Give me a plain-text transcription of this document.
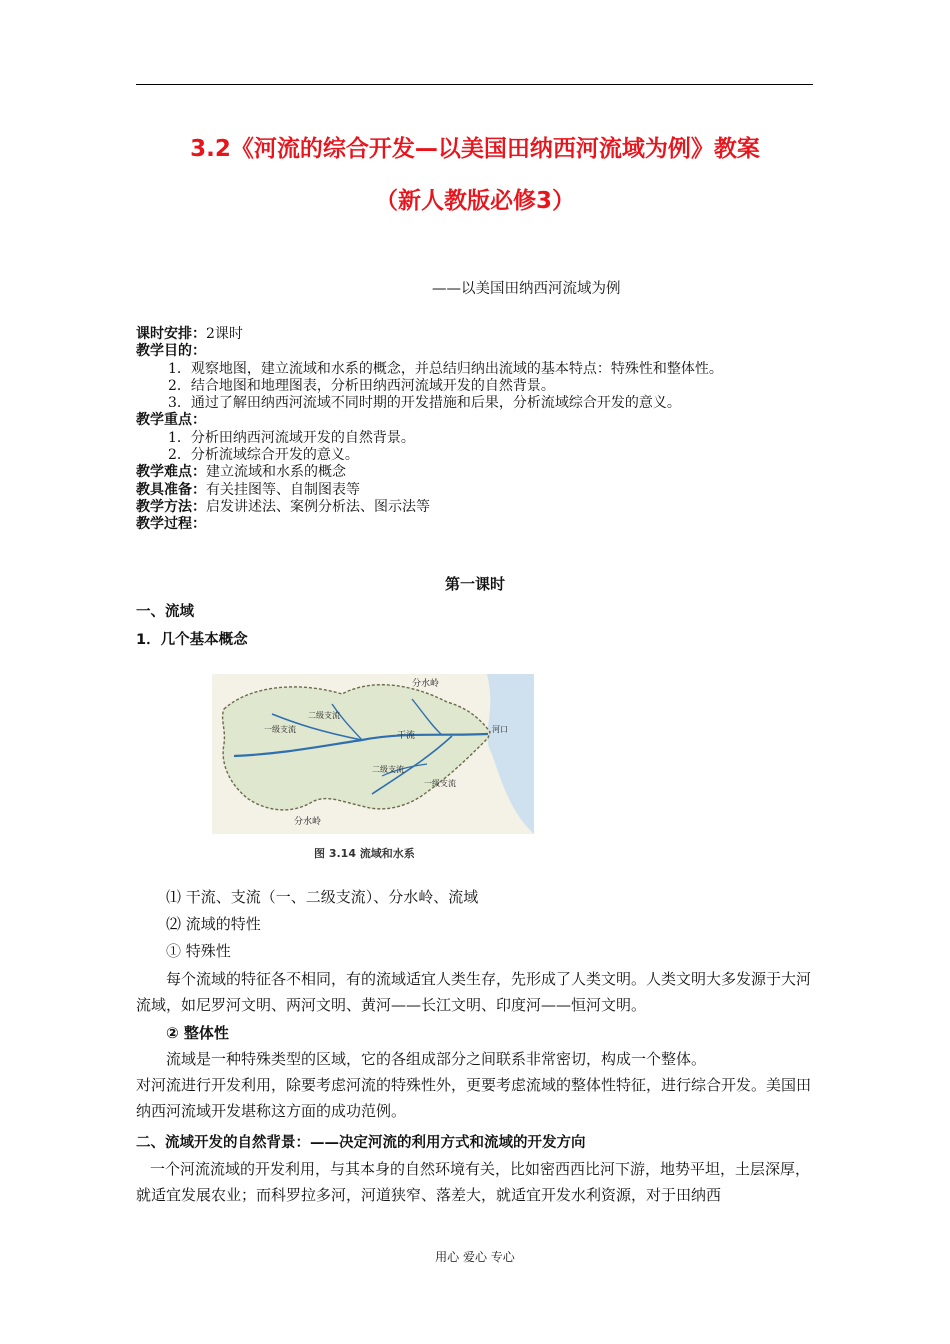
3.2《河流的综合开发—以美国田纳西河流域为例》教案
（新人教版必修3）
——以美国田纳西河流域为例
课时安排：2课时
教学目的：
1．观察地图，建立流域和水系的概念，并总结归纳出流域的基本特点：特殊性和整体性。
2．结合地图和地理图表，分析田纳西河流域开发的自然背景。
3．通过了解田纳西河流域不同时期的开发措施和后果，分析流域综合开发的意义。
教学重点：
1．分析田纳西河流域开发的自然背景。
2．分析流域综合开发的意义。
教学难点：建立流域和水系的概念
教具准备：有关挂图等、自制图表等
教学方法：启发讲述法、案例分析法、图示法等
教学过程：
第一课时
一、流域
1．几个基本概念
分水岭
分水岭
一级支流
二级支流
干流
河口
二级支流
一级支流
图 3.14 流域和水系
⑴ 干流、支流（一、二级支流）、分水岭、流域
⑵ 流域的特性
① 特殊性
每个流域的特征各不相同，有的流域适宜人类生存，先形成了人类文明。人类文明大多发源于大河流域，如尼罗河文明、两河文明、黄河——长江文明、印度河——恒河文明。
② 整体性
流域是一种特殊类型的区域，它的各组成部分之间联系非常密切，构成一个整体。
对河流进行开发利用，除要考虑河流的特殊性外，更要考虑流域的整体性特征，进行综合开发。美国田纳西河流域开发堪称这方面的成功范例。
二、流域开发的自然背景：——决定河流的利用方式和流域的开发方向
一个河流流域的开发利用，与其本身的自然环境有关，比如密西西比河下游，地势平坦，土层深厚，就适宜发展农业；而科罗拉多河，河道狭窄、落差大，就适宜开发水利资源，对于田纳西
用心 爱心 专心
